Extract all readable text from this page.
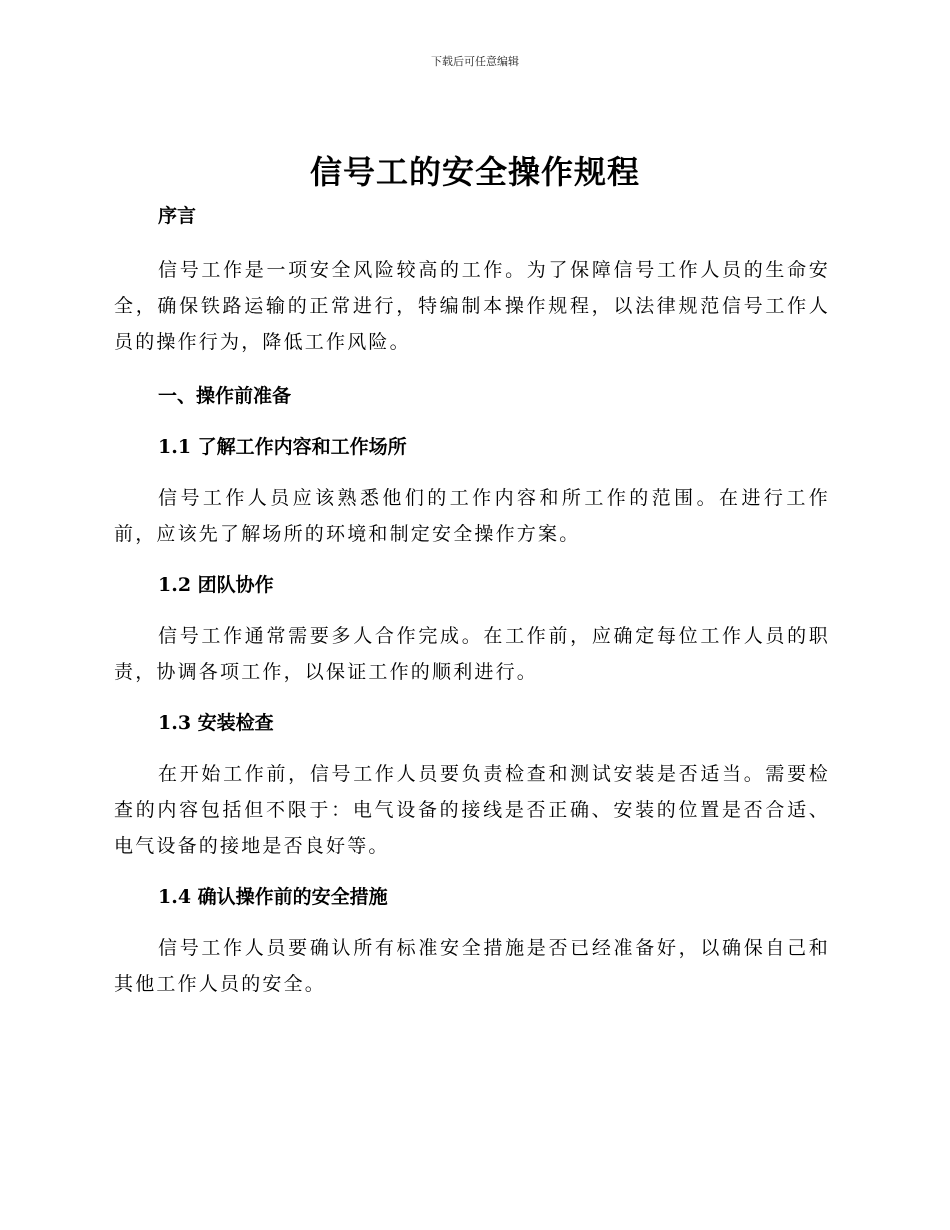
下载后可任意编辑
信号工的安全操作规程

序言

信号工作是一项安全风险较高的工作。为了保障信号工作人员的生命安全，确保铁路运输的正常进行，特编制本操作规程，以法律规范信号工作人员的操作行为，降低工作风险。

一、操作前准备

1.1 了解工作内容和工作场所

信号工作人员应该熟悉他们的工作内容和所工作的范围。在进行工作前，应该先了解场所的环境和制定安全操作方案。

1.2 团队协作

信号工作通常需要多人合作完成。在工作前，应确定每位工作人员的职责，协调各项工作，以保证工作的顺利进行。

1.3 安装检查

在开始工作前，信号工作人员要负责检查和测试安装是否适当。需要检查的内容包括但不限于：电气设备的接线是否正确、安装的位置是否合适、电气设备的接地是否良好等。

1.4 确认操作前的安全措施

信号工作人员要确认所有标准安全措施是否已经准备好，以确保自己和其他工作人员的安全。
